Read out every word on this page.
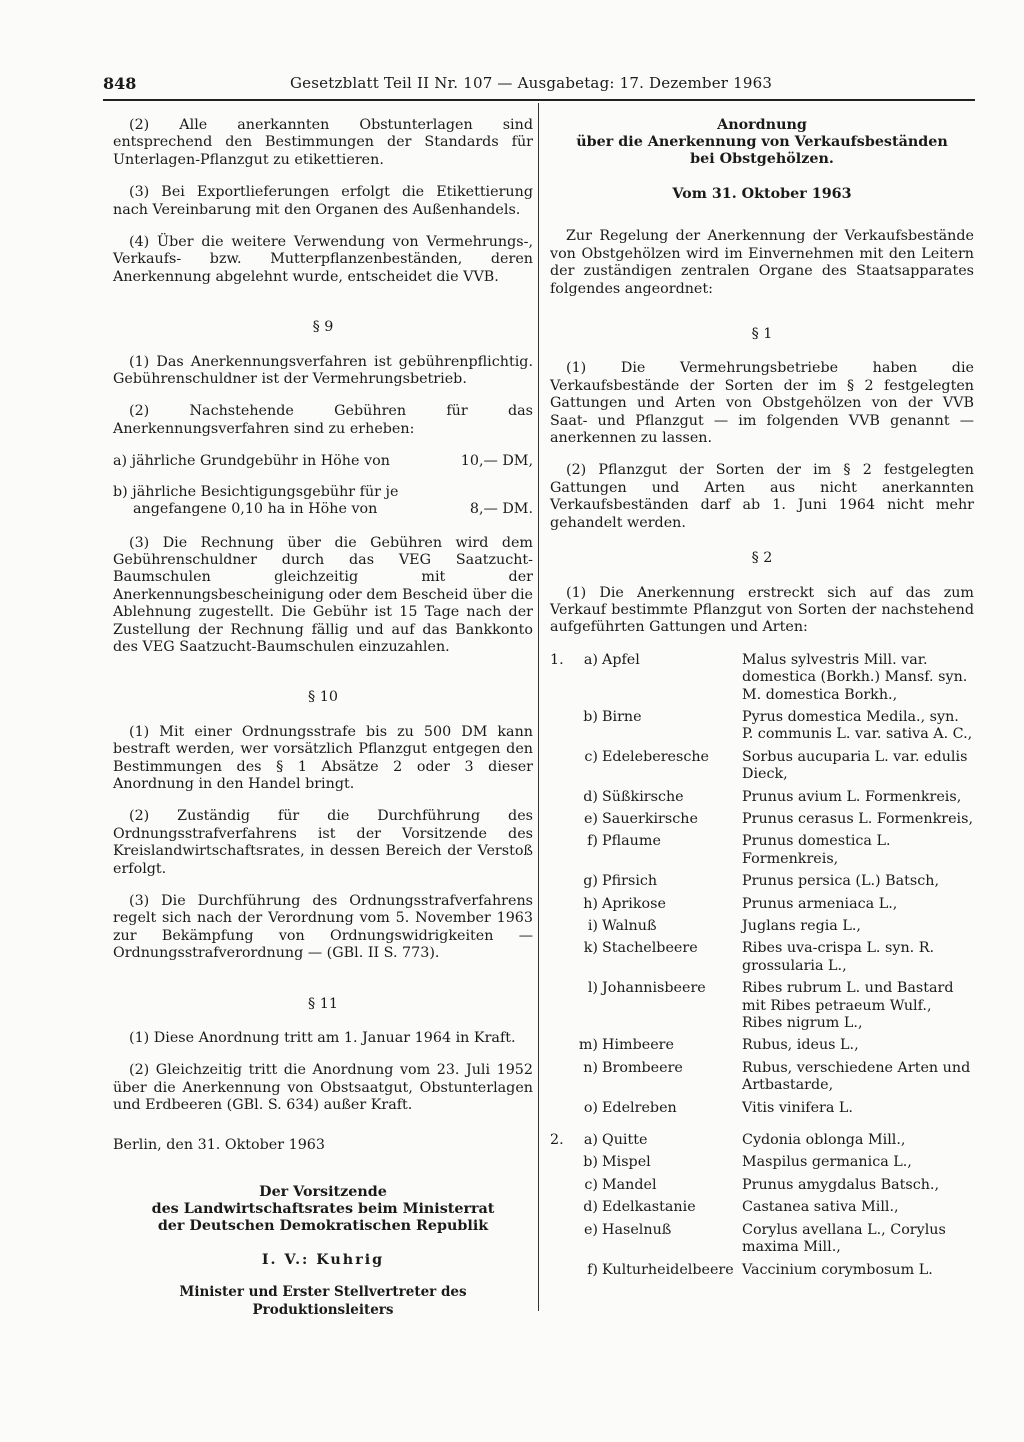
848	Gesetzblatt Teil II Nr. 107 — Ausgabetag: 17. Dezember 1963

(2) Alle anerkannten Obstunterlagen sind entsprechend den Bestimmungen der Standards für Unterlagen-Pflanzgut zu etikettieren.

(3) Bei Exportlieferungen erfolgt die Etikettierung nach Vereinbarung mit den Organen des Außenhandels.

(4) Über die weitere Verwendung von Vermehrungs-, Verkaufs- bzw. Mutterpflanzenbeständen, deren Anerkennung abgelehnt wurde, entscheidet die VVB.

§ 9

(1) Das Anerkennungsverfahren ist gebührenpflichtig. Gebührenschuldner ist der Vermehrungsbetrieb.

(2) Nachstehende Gebühren für das Anerkennungsverfahren sind zu erheben:

a) jährliche Grundgebühr in Höhe von	10,— DM,
b) jährliche Besichtigungsgebühr für je
angefangene 0,10 ha in Höhe von	8,— DM.

(3) Die Rechnung über die Gebühren wird dem Gebührenschuldner durch das VEG Saatzucht-Baumschulen gleichzeitig mit der Anerkennungsbescheinigung oder dem Bescheid über die Ablehnung zugestellt. Die Gebühr ist 15 Tage nach der Zustellung der Rechnung fällig und auf das Bankkonto des VEG Saatzucht-Baumschulen einzuzahlen.

§ 10

(1) Mit einer Ordnungsstrafe bis zu 500 DM kann bestraft werden, wer vorsätzlich Pflanzgut entgegen den Bestimmungen des § 1 Absätze 2 oder 3 dieser Anordnung in den Handel bringt.

(2) Zuständig für die Durchführung des Ordnungsstrafverfahrens ist der Vorsitzende des Kreislandwirtschaftsrates, in dessen Bereich der Verstoß erfolgt.

(3) Die Durchführung des Ordnungsstrafverfahrens regelt sich nach der Verordnung vom 5. November 1963 zur Bekämpfung von Ordnungswidrigkeiten — Ordnungsstrafverordnung — (GBl. II S. 773).

§ 11

(1) Diese Anordnung tritt am 1. Januar 1964 in Kraft.

(2) Gleichzeitig tritt die Anordnung vom 23. Juli 1952 über die Anerkennung von Obstsaatgut, Obstunterlagen und Erdbeeren (GBl. S. 634) außer Kraft.

Berlin, den 31. Oktober 1963

Der Vorsitzende
des Landwirtschaftsrates beim Ministerrat
der Deutschen Demokratischen Republik
I. V.: Kuhrig
Minister und Erster Stellvertreter des Produktionsleiters
Anordnung
über die Anerkennung von Verkaufsbeständen
bei Obstgehölzen.
Vom 31. Oktober 1963

Zur Regelung der Anerkennung der Verkaufsbestände von Obstgehölzen wird im Einvernehmen mit den Leitern der zuständigen zentralen Organe des Staatsapparates folgendes angeordnet:

§ 1

(1) Die Vermehrungsbetriebe haben die Verkaufsbestände der Sorten der im § 2 festgelegten Gattungen und Arten von Obstgehölzen von der VVB Saat- und Pflanzgut — im folgenden VVB genannt — anerkennen zu lassen.

(2) Pflanzgut der Sorten der im § 2 festgelegten Gattungen und Arten aus nicht anerkannten Verkaufsbeständen darf ab 1. Juni 1964 nicht mehr gehandelt werden.

§ 2

(1) Die Anerkennung erstreckt sich auf das zum Verkauf bestimmte Pflanzgut von Sorten der nachstehend aufgeführten Gattungen und Arten:

1.	a)	Apfel	Malus sylvestris Mill. var. domestica (Borkh.) Mansf. syn. M. domestica Borkh.,
	b)	Birne	Pyrus domestica Medila., syn. P. communis L. var. sativa A. C.,
	c)	Edeleberesche	Sorbus aucuparia L. var. edulis Dieck,
	d)	Süßkirsche	Prunus avium L. Formenkreis,
	e)	Sauerkirsche	Prunus cerasus L. Formenkreis,
	f)	Pflaume	Prunus domestica L. Formenkreis,
	g)	Pfirsich	Prunus persica (L.) Batsch,
	h)	Aprikose	Prunus armeniaca L.,
	i)	Walnuß	Juglans regia L.,
	k)	Stachelbeere	Ribes uva-crispa L. syn. R. grossularia L.,
	l)	Johannisbeere	Ribes rubrum L. und Bastard mit Ribes petraeum Wulf., Ribes nigrum L.,
	m)	Himbeere	Rubus, ideus L.,
	n)	Brombeere	Rubus, verschiedene Arten und Artbastarde,
	o)	Edelreben	Vitis vinifera L.
2.	a)	Quitte	Cydonia oblonga Mill.,
	b)	Mispel	Maspilus germanica L.,
	c)	Mandel	Prunus amygdalus Batsch.,
	d)	Edelkastanie	Castanea sativa Mill.,
	e)	Haselnuß	Corylus avellana L., Corylus maxima Mill.,
	f)	Kulturheidelbeere	Vaccinium corymbosum L.
